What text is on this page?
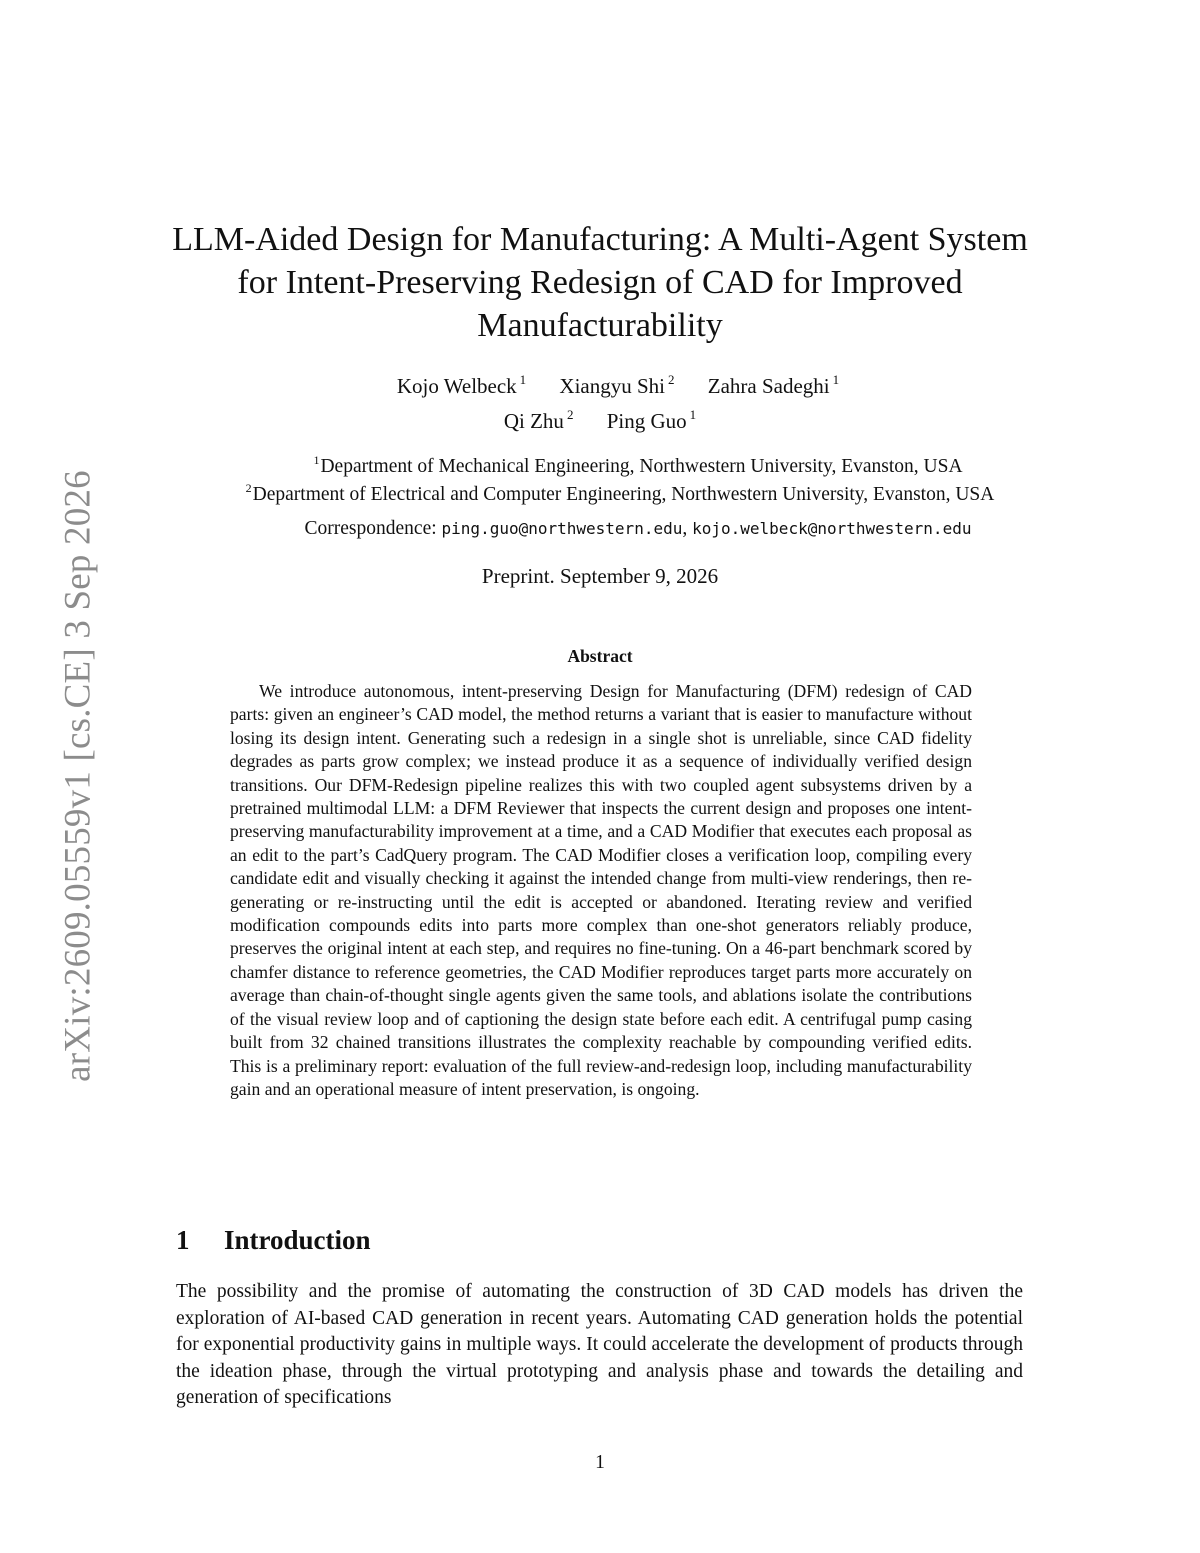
arXiv:2609.05559v1 [cs.CE] 3 Sep 2026
LLM-Aided Design for Manufacturing: A Multi-Agent System
for Intent-Preserving Redesign of CAD for Improved
Manufacturability
Kojo Welbeck $^1$ Xiangyu Shi $^2$ Zahra Sadeghi $^1$
Qi Zhu $^2$ Ping Guo $^1$
$^1$Department of Mechanical Engineering, Northwestern University, Evanston, USA
$^2$Department of Electrical and Computer Engineering, Northwestern University, Evanston, USA
Correspondence: ping.guo@northwestern.edu, kojo.welbeck@northwestern.edu
Preprint. September 9, 2026
Abstract
We introduce autonomous, intent-preserving Design for Manufacturing (DFM) redesign of CAD parts: given an engineer’s CAD model, the method returns a variant that is easier to manufacture without losing its design intent. Generating such a redesign in a single shot is unreliable, since CAD fidelity degrades as parts grow complex; we instead produce it as a sequence of individually verified design transitions. Our DFM-Redesign pipeline realizes this with two coupled agent subsystems driven by a pretrained multimodal LLM: a DFM Reviewer that inspects the current design and proposes one intent-preserving manufacturability improvement at a time, and a CAD Modifier that executes each proposal as an edit to the part’s CadQuery program. The CAD Modifier closes a verification loop, compiling every candidate edit and visually checking it against the intended change from multi-view renderings, then re-generating or re-instructing until the edit is accepted or abandoned. Iterating review and verified modification compounds edits into parts more complex than one-shot generators reliably produce, preserves the original intent at each step, and requires no fine-tuning. On a 46-part benchmark scored by chamfer distance to reference geometries, the CAD Modifier reproduces target parts more accurately on average than chain-of-thought single agents given the same tools, and ablations isolate the contributions of the visual review loop and of captioning the design state before each edit. A centrifugal pump casing built from 32 chained transitions illustrates the complexity reachable by compounding verified edits. This is a preliminary report: evaluation of the full review-and-redesign loop, including manufacturability gain and an operational measure of intent preservation, is ongoing.
1 Introduction
The possibility and the promise of automating the construction of 3D CAD models has driven the exploration of AI-based CAD generation in recent years. Automating CAD generation holds the potential for exponential productivity gains in multiple ways. It could accelerate the development of products through the ideation phase, through the virtual prototyping and analysis phase and towards the detailing and generation of specifications
1
